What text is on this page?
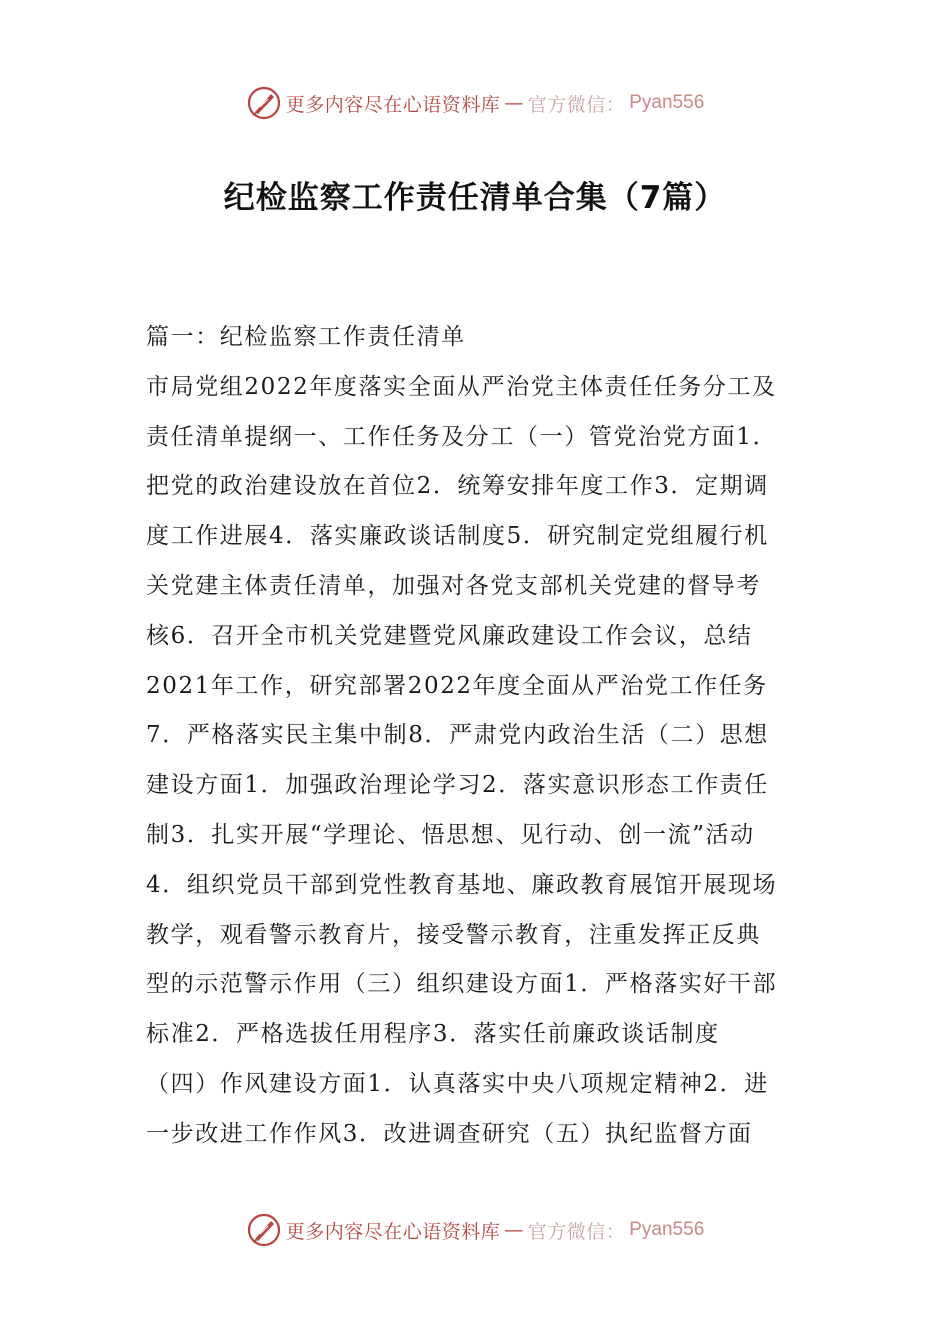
更多内容尽在心语资料库 — 官方微信： Pyan556
纪检监察工作责任清单合集（7篇）
篇一：纪检监察工作责任清单
市局党组2022年度落实全面从严治党主体责任任务分工及
责任清单提纲一、工作任务及分工（一）管党治党方面1．
把党的政治建设放在首位2．统筹安排年度工作3．定期调
度工作进展4．落实廉政谈话制度5．研究制定党组履行机
关党建主体责任清单，加强对各党支部机关党建的督导考
核6．召开全市机关党建暨党风廉政建设工作会议，总结
2021年工作，研究部署2022年度全面从严治党工作任务
7．严格落实民主集中制8．严肃党内政治生活（二）思想
建设方面1．加强政治理论学习2．落实意识形态工作责任
制3．扎实开展“学理论、悟思想、见行动、创一流”活动
4．组织党员干部到党性教育基地、廉政教育展馆开展现场
教学，观看警示教育片，接受警示教育，注重发挥正反典
型的示范警示作用（三）组织建设方面1．严格落实好干部
标准2．严格选拔任用程序3．落实任前廉政谈话制度
（四）作风建设方面1．认真落实中央八项规定精神2．进
一步改进工作作风3．改进调查研究（五）执纪监督方面
更多内容尽在心语资料库 — 官方微信： Pyan556
